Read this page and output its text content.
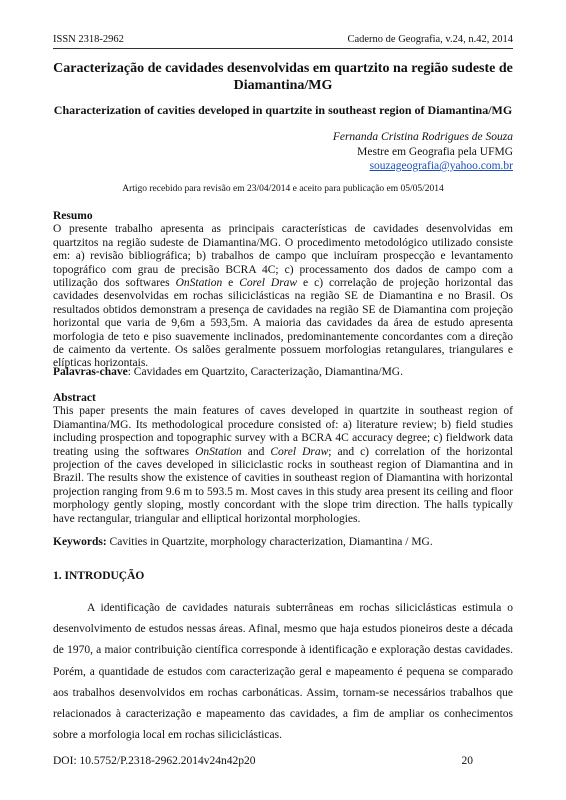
ISSN 2318-2962	Caderno de Geografia, v.24, n.42, 2014
Caracterização de cavidades desenvolvidas em quartzito na região sudeste de Diamantina/MG
Characterization of cavities developed in quartzite in southeast region of Diamantina/MG
Fernanda Cristina Rodrigues de Souza
Mestre em Geografia pela UFMG
souzageografia@yahoo.com.br
Artigo recebido para revisão em 23/04/2014 e aceito para publicação em 05/05/2014
Resumo
O presente trabalho apresenta as principais características de cavidades desenvolvidas em quartzitos na região sudeste de Diamantina/MG. O procedimento metodológico utilizado consiste em: a) revisão bibliográfica; b) trabalhos de campo que incluíram prospecção e levantamento topográfico com grau de precisão BCRA 4C; c) processamento dos dados de campo com a utilização dos softwares OnStation e Corel Draw e c) correlação de projeção horizontal das cavidades desenvolvidas em rochas siliciclásticas na região SE de Diamantina e no Brasil. Os resultados obtidos demonstram a presença de cavidades na região SE de Diamantina com projeção horizontal que varia de 9,6m a 593,5m. A maioria das cavidades da área de estudo apresenta morfologia de teto e piso suavemente inclinados, predominantemente concordantes com a direção de caimento da vertente. Os salões geralmente possuem morfologias retangulares, triangulares e elípticas horizontais.
Palavras-chave: Cavidades em Quartzito, Caracterização, Diamantina/MG.
Abstract
This paper presents the main features of caves developed in quartzite in southeast region of Diamantina/MG. Its methodological procedure consisted of: a) literature review; b) field studies including prospection and topographic survey with a BCRA 4C accuracy degree; c) fieldwork data treating using the softwares OnStation and Corel Draw; and c) correlation of the horizontal projection of the caves developed in siliciclastic rocks in southeast region of Diamantina and in Brazil. The results show the existence of cavities in southeast region of Diamantina with horizontal projection ranging from 9.6 m to 593.5 m. Most caves in this study area present its ceiling and floor morphology gently sloping, mostly concordant with the slope trim direction. The halls typically have rectangular, triangular and elliptical horizontal morphologies.
Keywords: Cavities in Quartzite, morphology characterization, Diamantina / MG.
1. INTRODUÇÃO
A identificação de cavidades naturais subterrâneas em rochas siliciclásticas estimula o desenvolvimento de estudos nessas áreas. Afinal, mesmo que haja estudos pioneiros deste a década de 1970, a maior contribuição científica corresponde à identificação e exploração destas cavidades. Porém, a quantidade de estudos com caracterização geral e mapeamento é pequena se comparado aos trabalhos desenvolvidos em rochas carbonáticas. Assim, tornam-se necessários trabalhos que relacionados à caracterização e mapeamento das cavidades, a fim de ampliar os conhecimentos sobre a morfologia local em rochas siliciclásticas.
DOI: 10.5752/P.2318-2962.2014v24n42p20	20
